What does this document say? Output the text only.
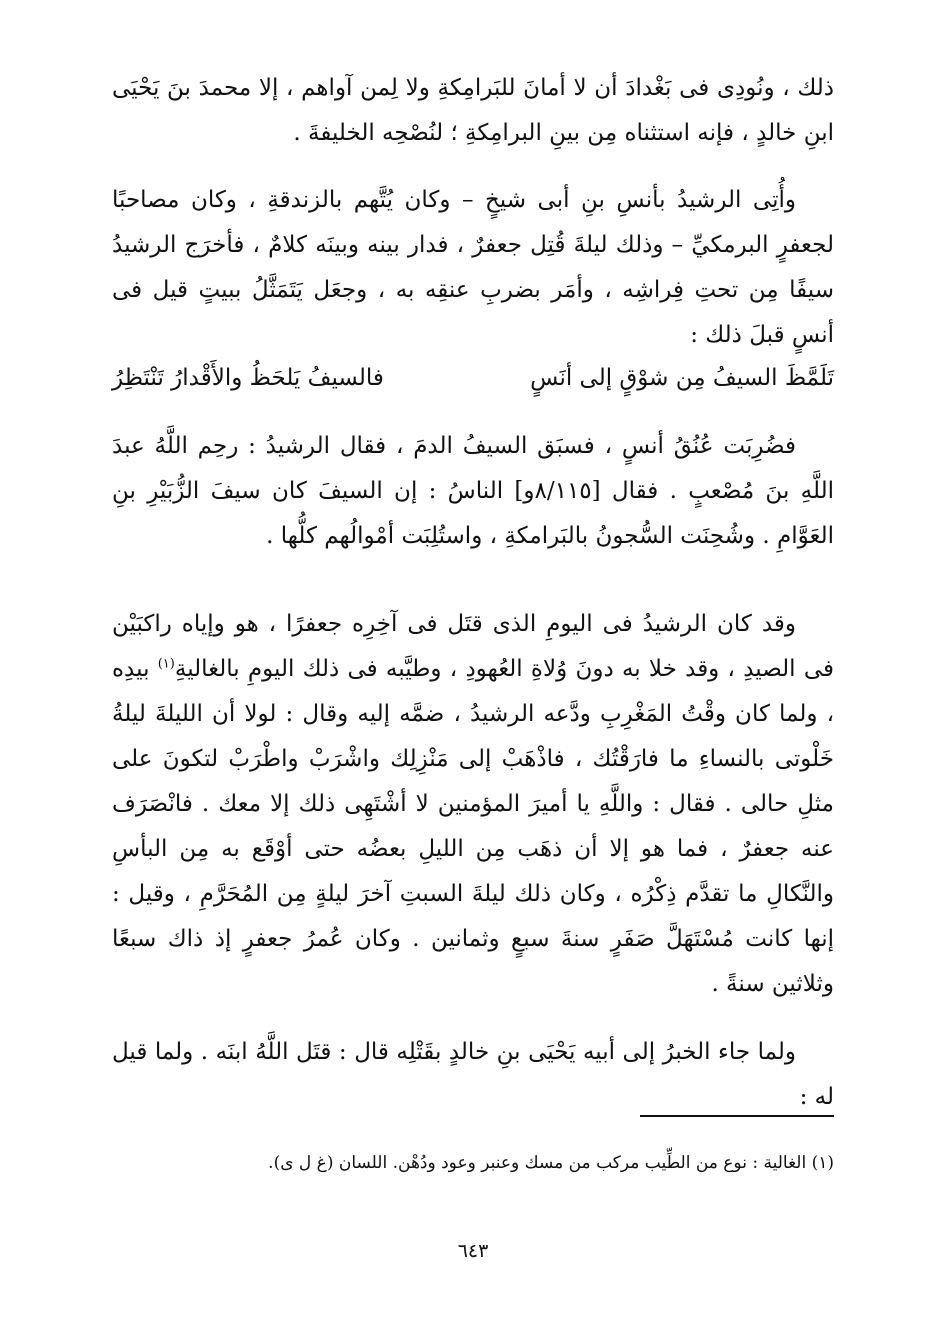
ذلك ، ونُودِى فى بَغْدادَ أن لا أمانَ للبَرامِكةِ ولا لِمن آواهم ، إلا محمدَ بنَ يَحْيَى ابنِ خالدٍ ، فإنه استثناه مِن بينِ البرامِكةِ ؛ لنُصْحِه الخليفةَ .

وأُتِى الرشيدُ بأنسِ بنِ أبى شيخٍ – وكان يُتَّهم بالزندقةِ ، وكان مصاحبًا لجعفرٍ البرمكيِّ – وذلك ليلةَ قُتِل جعفرٌ ، فدار بينه وبينَه كلامٌ ، فأخرَج الرشيدُ سيفًا مِن تحتِ فِراشِه ، وأمَر بضربِ عنقِه به ، وجعَل يَتَمَثَّلُ ببيتٍ قيل فى أنسٍ قبلَ ذلك :

تَلَمَّظَ السيفُ مِن شوْقٍ إلى أنَسٍ
فالسيفُ يَلحَظُ والأَقْدارُ تَنْتَظِرُ

فضُرِبَت عُنُقُ أنسٍ ، فسبَق السيفُ الدمَ ، فقال الرشيدُ : رحِم اللَّهُ عبدَ اللَّهِ بنَ مُصْعبٍ . فقال [٨/١١٥و] الناسُ : إن السيفَ كان سيفَ الزُّبَيْرِ بنِ العَوَّامِ . وشُحِنَت السُّجونُ بالبَرامكةِ ، واستُلِبَت أمْوالُهم كلُّها .

وقد كان الرشيدُ فى اليومِ الذى قتَل فى آخِرِه جعفرًا ، هو وإياه راكبَيْن فى الصيدِ ، وقد خلا به دونَ وُلاةِ العُهودِ ، وطيَّبه فى ذلك اليومِ بالغاليةِ$^{(١)}$ بيدِه ، ولما كان وقْتُ المَغْرِبِ ودَّعه الرشيدُ ، ضمَّه إليه وقال : لولا أن الليلةَ ليلةُ خَلْوتى بالنساءِ ما فارَقْتُك ، فاذْهَبْ إلى مَنْزِلِك واشْرَبْ واطْرَبْ لتكونَ على مثلِ حالى . فقال : واللَّهِ يا أميرَ المؤمنين لا أشْتَهِى ذلك إلا معك . فانْصَرَف عنه جعفرٌ ، فما هو إلا أن ذهَب مِن الليلِ بعضُه حتى أوْقَع به مِن البأسِ والنَّكالِ ما تقدَّم ذِكْرُه ، وكان ذلك ليلةَ السبتِ آخرَ ليلةٍ مِن المُحَرَّمِ ، وقيل : إنها كانت مُسْتَهَلَّ صَفَرٍ سنةَ سبعٍ وثمانين . وكان عُمرُ جعفرٍ إذ ذاك سبعًا وثلاثين سنةً .

ولما جاء الخبرُ إلى أبيه يَحْيَى بنِ خالدٍ بقَتْلِه قال : قتَل اللَّهُ ابنَه . ولما قيل له :

(١) الغالية : نوع من الطِّيب مركب من مسك وعنبر وعود ودُهْن. اللسان (غ ل ى).
٦٤٣
